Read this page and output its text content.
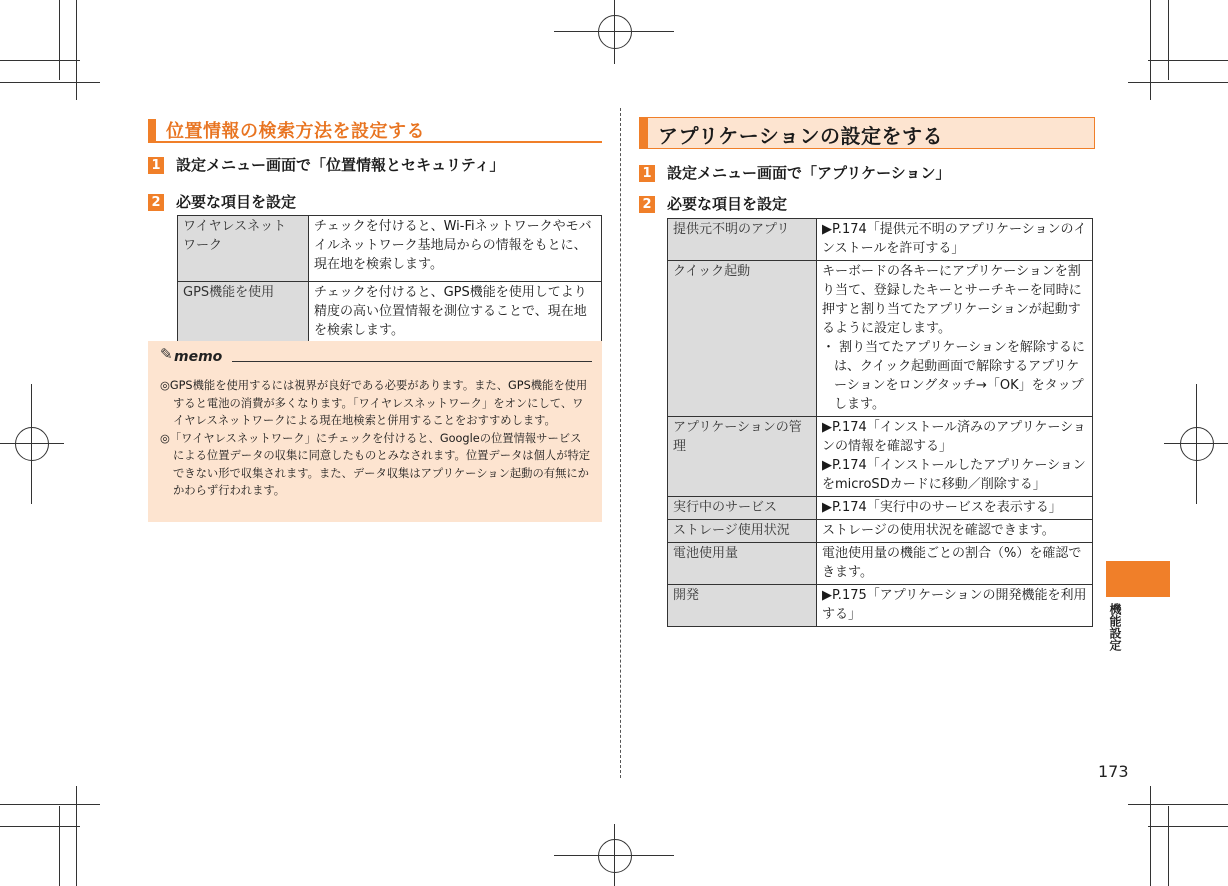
位置情報の検索方法を設定する
1 設定メニュー画面で「位置情報とセキュリティ」
2 必要な項目を設定
ワイヤレスネット
ワーク	チェックを付けると、Wi-Fiネットワークやモバイルネットワーク基地局からの情報をもとに、現在地を検索します。
GPS機能を使用	チェックを付けると、GPS機能を使用してより精度の高い位置情報を測位することで、現在地を検索します。
✎ memo
◎GPS機能を使用するには視界が良好である必要があります。また、GPS機能を使用すると電池の消費が多くなります。「ワイヤレスネットワーク」をオンにして、ワイヤレスネットワークによる現在地検索と併用することをおすすめします。
◎「ワイヤレスネットワーク」にチェックを付けると、Googleの位置情報サービスによる位置データの収集に同意したものとみなされます。位置データは個人が特定できない形で収集されます。また、データ収集はアプリケーション起動の有無にかかわらず行われます。
アプリケーションの設定をする
1 設定メニュー画面で「アプリケーション」
2 必要な項目を設定
提供元不明のアプリ	▶P.174「提供元不明のアプリケーションのインストールを許可する」
クイック起動	キーボードの各キーにアプリケーションを割り当て、登録したキーとサーチキーを同時に押すと割り当てたアプリケーションが起動するように設定します。
・ 割り当てたアプリケーションを解除するには、クイック起動画面で解除するアプリケーションをロングタッチ→「OK」をタップします。

アプリケーションの管理	▶P.174「インストール済みのアプリケーションの情報を確認する」
▶P.174「インストールしたアプリケーションをmicroSDカードに移動／削除する」

実行中のサービス	▶P.174「実行中のサービスを表示する」
ストレージ使用状況	ストレージの使用状況を確認できます。
電池使用量	電池使用量の機能ごとの割合（%）を確認できます。
開発	▶P.175「アプリケーションの開発機能を利用する」	機能設定
173
